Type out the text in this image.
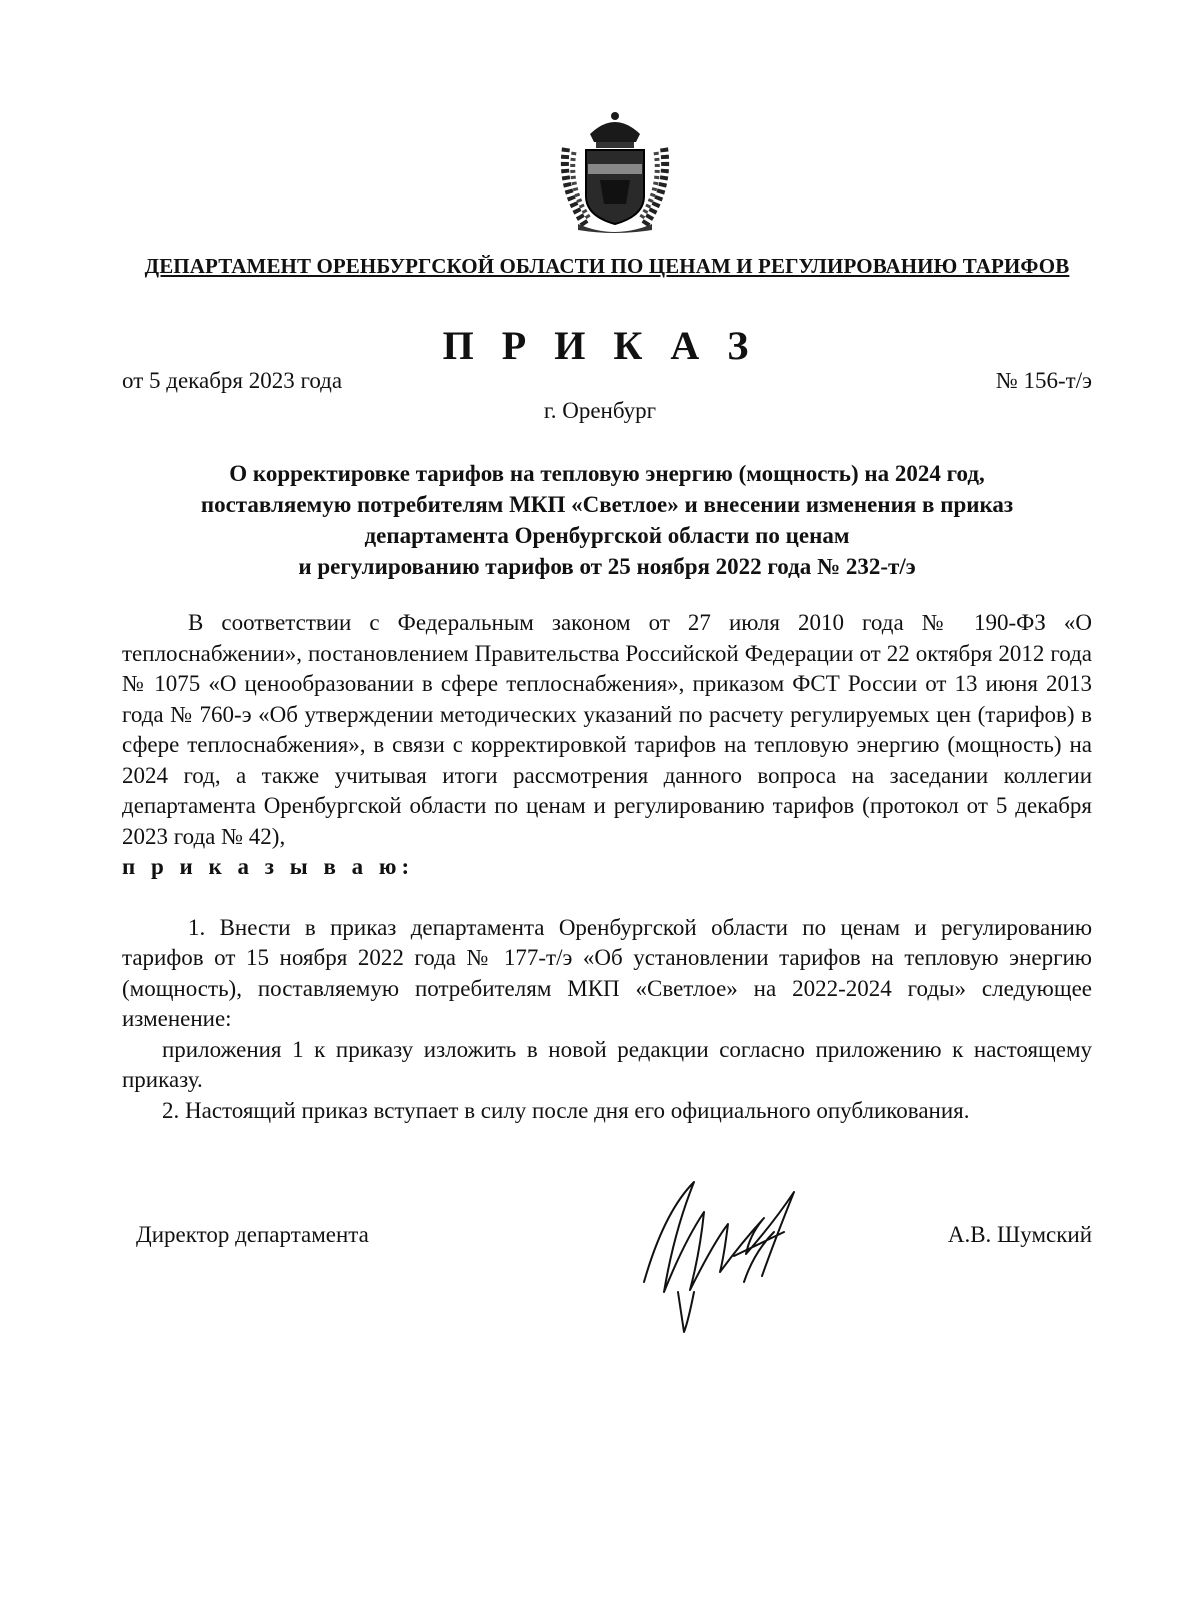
ДЕПАРТАМЕНТ ОРЕНБУРГСКОЙ ОБЛАСТИ ПО ЦЕНАМ И РЕГУЛИРОВАНИЮ ТАРИФОВ
П Р И К А З
от 5 декабря 2023 года	№ 156-т/э
г. Оренбург
О корректировке тарифов на тепловую энергию (мощность) на 2024 год,
поставляемую потребителям МКП «Светлое» и внесении изменения в приказ
департамента Оренбургской области по ценам
и регулированию тарифов от 25 ноября 2022 года № 232-т/э

В соответствии с Федеральным законом от 27 июля 2010 года № 190-ФЗ «О теплоснабжении», постановлением Правительства Российской Федерации от 22 октября 2012 года № 1075 «О ценообразовании в сфере теплоснабжения», приказом ФСТ России от 13 июня 2013 года № 760-э «Об утверждении методических указаний по расчету регулируемых цен (тарифов) в сфере теплоснабжения», в связи с корректировкой тарифов на тепловую энергию (мощность) на 2024 год, а также учитывая итоги рассмотрения данного вопроса на заседании коллегии департамента Оренбургской области по ценам и регулированию тарифов (протокол от 5 декабря 2023 года № 42),

п р и к а з ы в а ю:

1. Внести в приказ департамента Оренбургской области по ценам и регулированию тарифов от 15 ноября 2022 года № 177-т/э «Об установлении тарифов на тепловую энергию (мощность), поставляемую потребителям МКП «Светлое» на 2022-2024 годы» следующее изменение:

приложения 1 к приказу изложить в новой редакции согласно приложению к настоящему приказу.

2. Настоящий приказ вступает в силу после дня его официального опубликования.

Директор департамента	А.В. Шумский
